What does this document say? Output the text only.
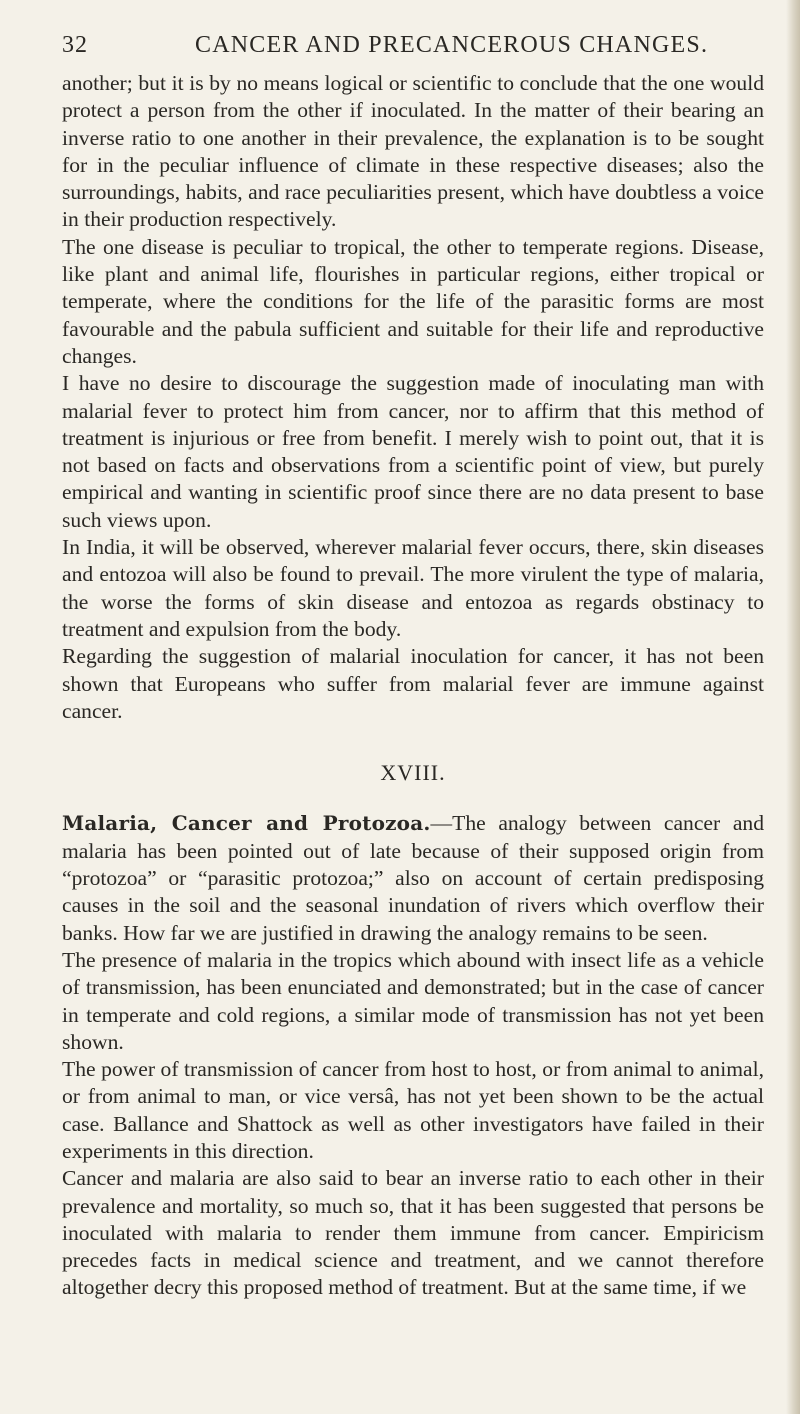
32	CANCER AND PRECANCEROUS CHANGES.

another; but it is by no means logical or scientific to conclude that the one would protect a person from the other if inoculated. In the matter of their bearing an inverse ratio to one another in their prevalence, the explanation is to be sought for in the peculiar influence of climate in these respective diseases; also the surroundings, habits, and race peculiarities present, which have doubtless a voice in their production respectively.

The one disease is peculiar to tropical, the other to temperate regions. Disease, like plant and animal life, flourishes in particular regions, either tropical or temperate, where the conditions for the life of the parasitic forms are most favourable and the pabula sufficient and suitable for their life and reproductive changes.

I have no desire to discourage the suggestion made of inoculating man with malarial fever to protect him from cancer, nor to affirm that this method of treatment is injurious or free from benefit. I merely wish to point out, that it is not based on facts and observations from a scientific point of view, but purely empirical and wanting in scientific proof since there are no data present to base such views upon.

In India, it will be observed, wherever malarial fever occurs, there, skin diseases and entozoa will also be found to prevail. The more virulent the type of malaria, the worse the forms of skin disease and entozoa as regards obstinacy to treatment and expulsion from the body.

Regarding the suggestion of malarial inoculation for cancer, it has not been shown that Europeans who suffer from malarial fever are immune against cancer.

XVIII.

Malaria, Cancer and Protozoa.—The analogy between cancer and malaria has been pointed out of late because of their supposed origin from “protozoa” or “parasitic protozoa;” also on account of certain predisposing causes in the soil and the seasonal inundation of rivers which overflow their banks. How far we are justified in drawing the analogy remains to be seen.

The presence of malaria in the tropics which abound with insect life as a vehicle of transmission, has been enunciated and demonstrated; but in the case of cancer in temperate and cold regions, a similar mode of transmission has not yet been shown.

The power of transmission of cancer from host to host, or from animal to animal, or from animal to man, or vice versâ, has not yet been shown to be the actual case. Ballance and Shattock as well as other investigators have failed in their experiments in this direction.

Cancer and malaria are also said to bear an inverse ratio to each other in their prevalence and mortality, so much so, that it has been suggested that persons be inoculated with malaria to render them immune from cancer. Empiricism precedes facts in medical science and treatment, and we cannot therefore altogether decry this proposed method of treatment. But at the same time, if we
